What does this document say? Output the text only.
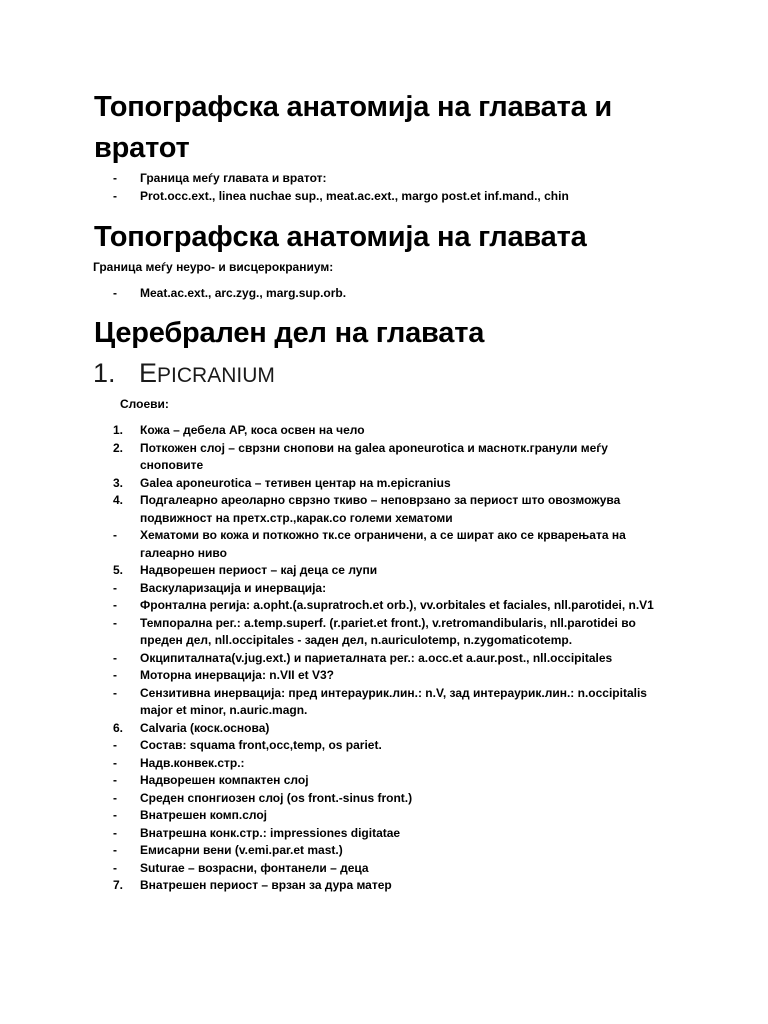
Топографска анатомија на главата и
вратот
-	Граница меѓу главата и вратот:
-	Prot.occ.ext., linea nuchae sup., meat.ac.ext., margo post.et inf.mand., chin
Топографска анатомија на главата
Граница меѓу неуро- и висцерокраниум:
-	Meat.ac.ext., arc.zyg., marg.sup.orb.
Церебрален дел на главата
1. EPICRANIUM
Слоеви:
1.	Кожа – дебела АР, коса освен на чело
2.	Поткожен слој – сврзни снопови на galea aponeurotica и маснотк.гранули меѓу
сноповите
3.	Galea aponeurotica – тетивен центар на m.epicranius
4.	Подгалеарно ареоларно сврзно ткиво – неповрзано за периост што овозможува
подвижност на претх.стр.,карак.со големи хематоми
-	Хематоми во кожа и поткожно тк.се ограничени, а се шират ако се крварењата на
галеарно ниво
5.	Надворешен периост – кај деца се лупи
-	Васкуларизација и инервација:
-	Фронтална регија: a.opht.(a.supratroch.et orb.), vv.orbitales et faciales, nll.parotidei, n.V1
-	Темпорална рег.: a.temp.superf. (r.pariet.et front.), v.retromandibularis, nll.parotidei во
преден дел, nll.occipitales - заден дел, n.auriculotemp, n.zygomaticotemp.
-	Окципиталната(v.jug.ext.) и париеталната рег.: a.occ.et a.aur.post., nll.occipitales
-	Моторна инервација: n.VII et V3?
-	Сензитивна инервација: пред интераурик.лин.: n.V, зад интераурик.лин.: n.occipitalis
major et minor, n.auric.magn.
6.	Calvaria (коск.основа)
-	Состав: squama front,occ,temp, os pariet.
-	Надв.конвек.стр.:
-	Надворешен компактен слој
-	Среден спонгиозен слој (os front.-sinus front.)
-	Внатрешен комп.слој
-	Внатрешна конк.стр.: impressiones digitatae
-	Емисарни вени (v.emi.par.et mast.)
-	Suturae – возрасни, фонтанели – деца
7.	Внатрешен периост – врзан за дура матер
